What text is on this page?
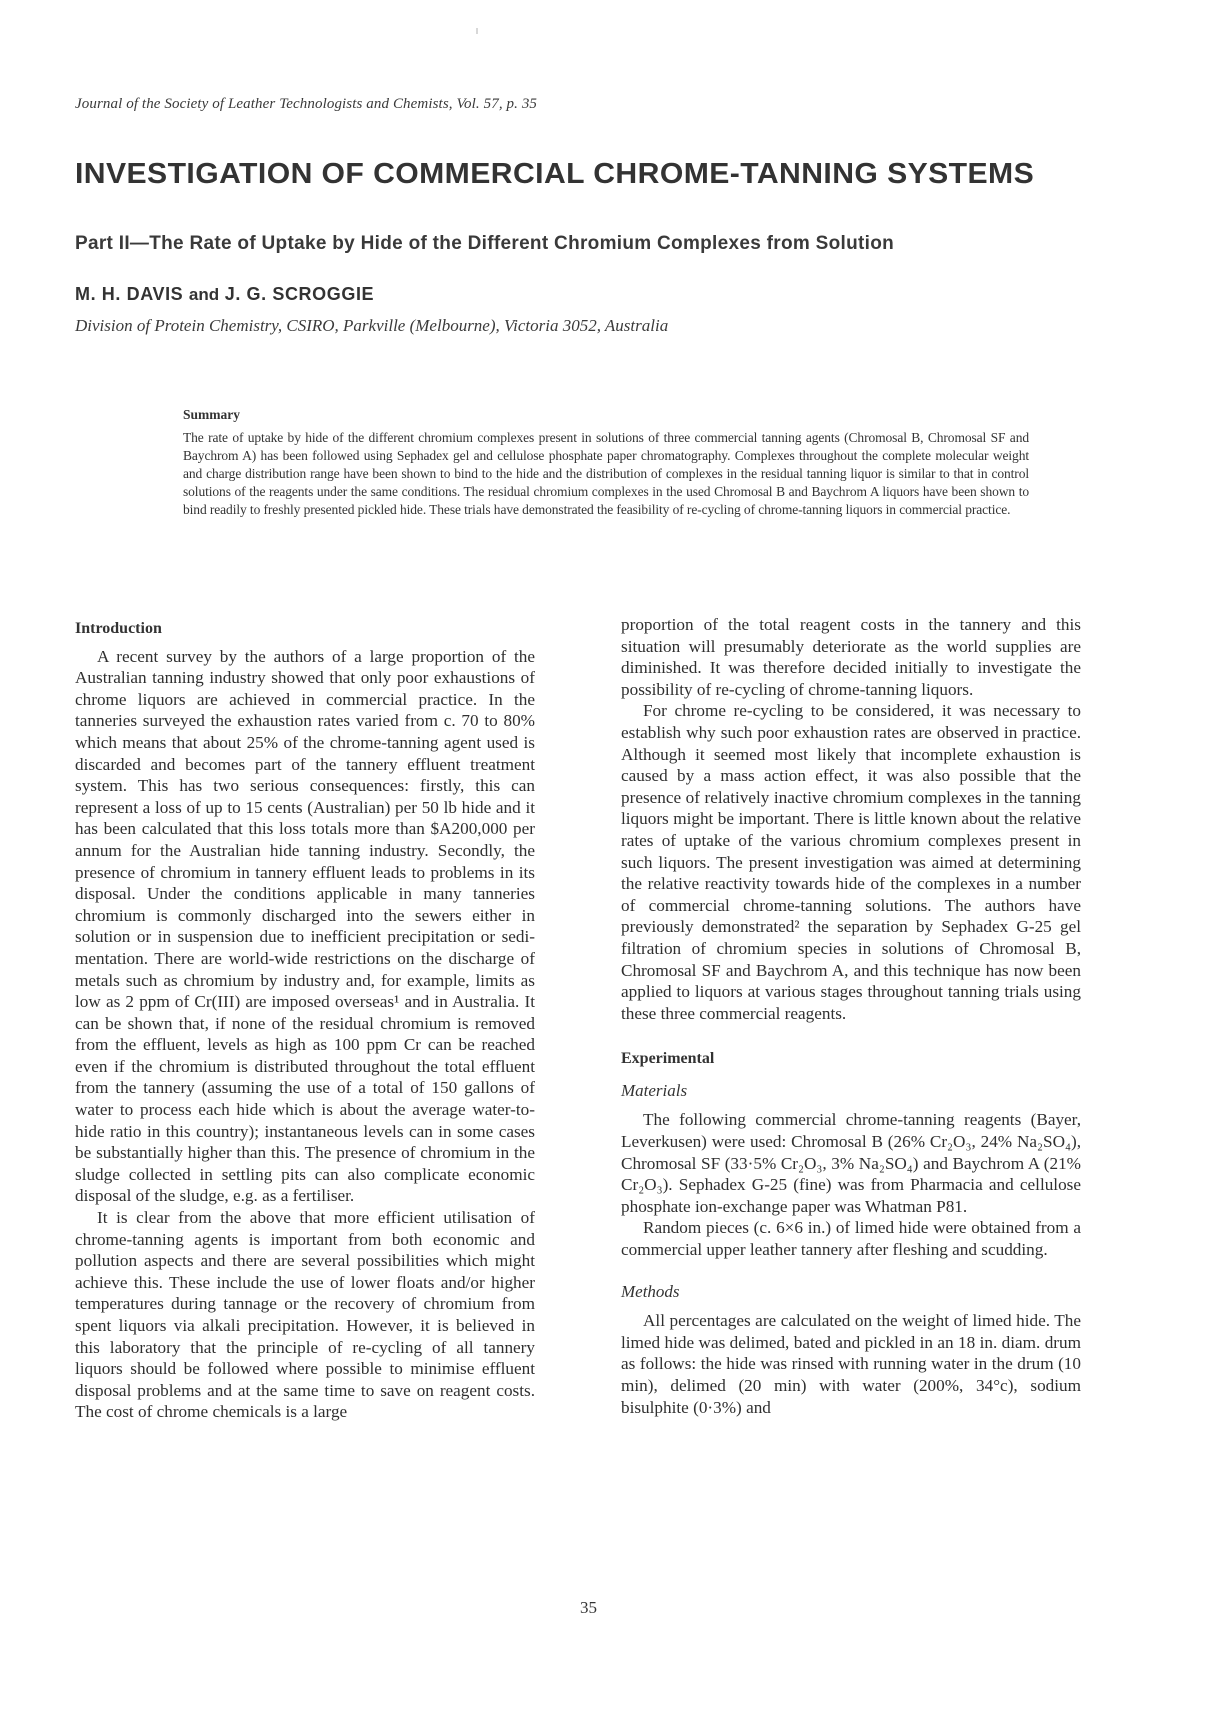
Journal of the Society of Leather Technologists and Chemists, Vol. 57, p. 35
INVESTIGATION OF COMMERCIAL CHROME-TANNING SYSTEMS
Part II—The Rate of Uptake by Hide of the Different Chromium Complexes from Solution
M. H. DAVIS and J. G. SCROGGIE
Division of Protein Chemistry, CSIRO, Parkville (Melbourne), Victoria 3052, Australia
Summary

The rate of uptake by hide of the different chromium complexes present in solutions of three commercial tanning agents (Chromosal B, Chromosal SF and Baychrom A) has been followed using Sephadex gel and cellulose phosphate paper chromatography. Complexes throughout the complete molecular weight and charge distribution range have been shown to bind to the hide and the distribution of complexes in the residual tanning liquor is similar to that in control solutions of the reagents under the same conditions. The residual chromium complexes in the used Chromosal B and Baychrom A liquors have been shown to bind readily to freshly presented pickled hide. These trials have demonstrated the feasibility of re-cycling of chrome-tanning liquors in commercial practice.

Introduction

A recent survey by the authors of a large proportion of the Australian tanning industry showed that only poor exhaustions of chrome liquors are achieved in commercial practice. In the tanneries surveyed the exhaustion rates varied from c. 70 to 80% which means that about 25% of the chrome-tanning agent used is discarded and becomes part of the tannery effluent treatment system. This has two serious consequences: firstly, this can represent a loss of up to 15 cents (Australian) per 50 lb hide and it has been calculated that this loss totals more than $A200,000 per annum for the Australian hide tanning industry. Secondly, the presence of chromium in tannery effluent leads to problems in its disposal. Under the conditions applicable in many tanneries chromium is commonly discharged into the sewers either in solution or in suspension due to inefficient precipitation or sedimentation. There are world-wide restrictions on the discharge of metals such as chromium by industry and, for example, limits as low as 2 ppm of Cr(III) are imposed overseas¹ and in Australia. It can be shown that, if none of the residual chromium is removed from the effluent, levels as high as 100 ppm Cr can be reached even if the chromium is distributed throughout the total effluent from the tannery (assuming the use of a total of 150 gallons of water to process each hide which is about the average water-to-hide ratio in this country); instantaneous levels can in some cases be substantially higher than this. The presence of chromium in the sludge collected in settling pits can also complicate economic disposal of the sludge, e.g. as a fertiliser.

It is clear from the above that more efficient utilisation of chrome-tanning agents is important from both economic and pollution aspects and there are several possibilities which might achieve this. These include the use of lower floats and/or higher temperatures during tannage or the recovery of chromium from spent liquors via alkali precipitation. However, it is believed in this laboratory that the principle of re-cycling of all tannery liquors should be followed where possible to minimise effluent disposal problems and at the same time to save on reagent costs. The cost of chrome chemicals is a large

proportion of the total reagent costs in the tannery and this situation will presumably deteriorate as the world supplies are diminished. It was therefore decided initially to investigate the possibility of re-cycling of chrome-tanning liquors.

For chrome re-cycling to be considered, it was necessary to establish why such poor exhaustion rates are observed in practice. Although it seemed most likely that incomplete exhaustion is caused by a mass action effect, it was also possible that the presence of relatively inactive chromium complexes in the tanning liquors might be important. There is little known about the relative rates of uptake of the various chromium complexes present in such liquors. The present investigation was aimed at determining the relative reactivity towards hide of the complexes in a number of commercial chrome-tanning solutions. The authors have previously demonstrated² the separation by Sephadex G-25 gel filtration of chromium species in solutions of Chromosal B, Chromosal SF and Baychrom A, and this technique has now been applied to liquors at various stages throughout tanning trials using these three commercial reagents.

Experimental
Materials

The following commercial chrome-tanning reagents (Bayer, Leverkusen) were used: Chromosal B (26% Cr₂O₃, 24% Na₂SO₄), Chromosal SF (33·5% Cr₂O₃, 3% Na₂SO₄) and Baychrom A (21% Cr₂O₃). Sephadex G-25 (fine) was from Pharmacia and cellulose phosphate ion-exchange paper was Whatman P81.

Random pieces (c. 6×6 in.) of limed hide were obtained from a commercial upper leather tannery after fleshing and scudding.

Methods

All percentages are calculated on the weight of limed hide. The limed hide was delimed, bated and pickled in an 18 in. diam. drum as follows: the hide was rinsed with running water in the drum (10 min), delimed (20 min) with water (200%, 34°c), sodium bisulphite (0·3%) and

35
